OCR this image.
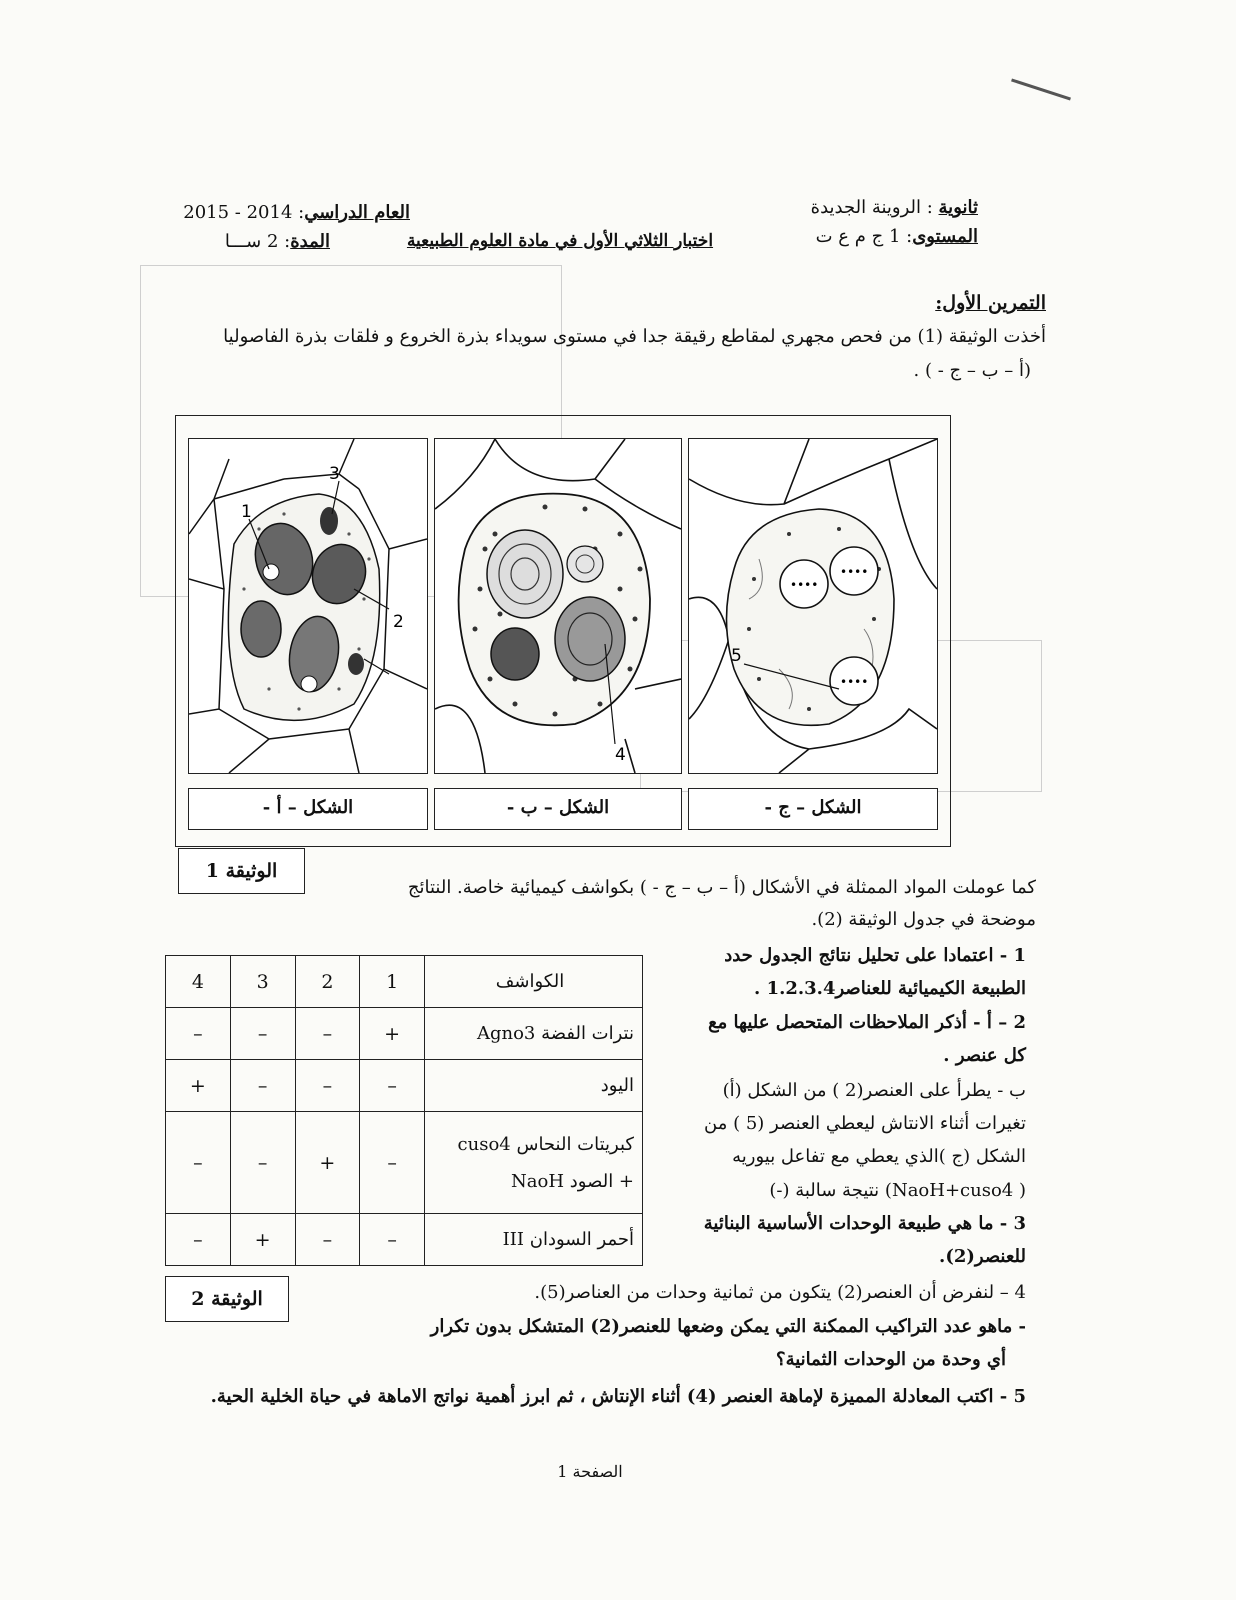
ثانوية : الروينة الجديدة
المستوى: 1 ج م ع ت
العام الدراسي: 2014 - 2015
اختبار الثلاثي الأول في مادة العلوم الطبيعية
المدة: 2 ســـا
التمرين الأول:
أخذت الوثيقة (1) من فحص مجهري لمقاطع رقيقة جدا في مستوى سويداء بذرة الخروع و فلقات بذرة الفاصوليا
(أ – ب – ج - ) .
1
3
2
4
••••
••••
••••
5
الشكل – أ -	الشكل – ب -	الشكل – ج -
الوثيقة 1
كما عوملت المواد الممثلة في الأشكال (أ – ب – ج - ) بكواشف كيميائية خاصة. النتائج
موضحة في جدول الوثيقة (2).
1 - اعتمادا على تحليل نتائج الجدول حدد
الطبيعة الكيميائية للعناصر1.2.3.4 .
2 – أ - أذكر الملاحظات المتحصل عليها مع
كل عنصر .
ب - يطرأ على العنصر(2 ) من الشكل (أ)
تغيرات أثناء الانتاش ليعطي العنصر (5 ) من
الشكل (ج )الذي يعطي مع تفاعل بيوريه
( NaoH+cuso4) نتيجة سالبة (-)
3 - ما هي طبيعة الوحدات الأساسية البنائية
للعنصر(2).
4 – لنفرض أن العنصر(2) يتكون من ثمانية وحدات من العناصر(5).
- ماهو عدد التراكيب الممكنة التي يمكن وضعها للعنصر(2) المتشكل بدون تكرار
أي وحدة من الوحدات الثمانية؟
5 - اكتب المعادلة المميزة لإماهة العنصر (4) أثناء الإنتاش ، ثم ابرز أهمية نواتج الاماهة في حياة الخلية الحية.
الكواشف	1	2	3	4
نترات الفضة Agno3	+	–	–	–
اليود	–	–	–	+

كبريتات النحاس cuso4
+ الصود NaoH	–	+	–	–
أحمر السودان III	–	–	+	–
الوثيقة 2
الصفحة 1
